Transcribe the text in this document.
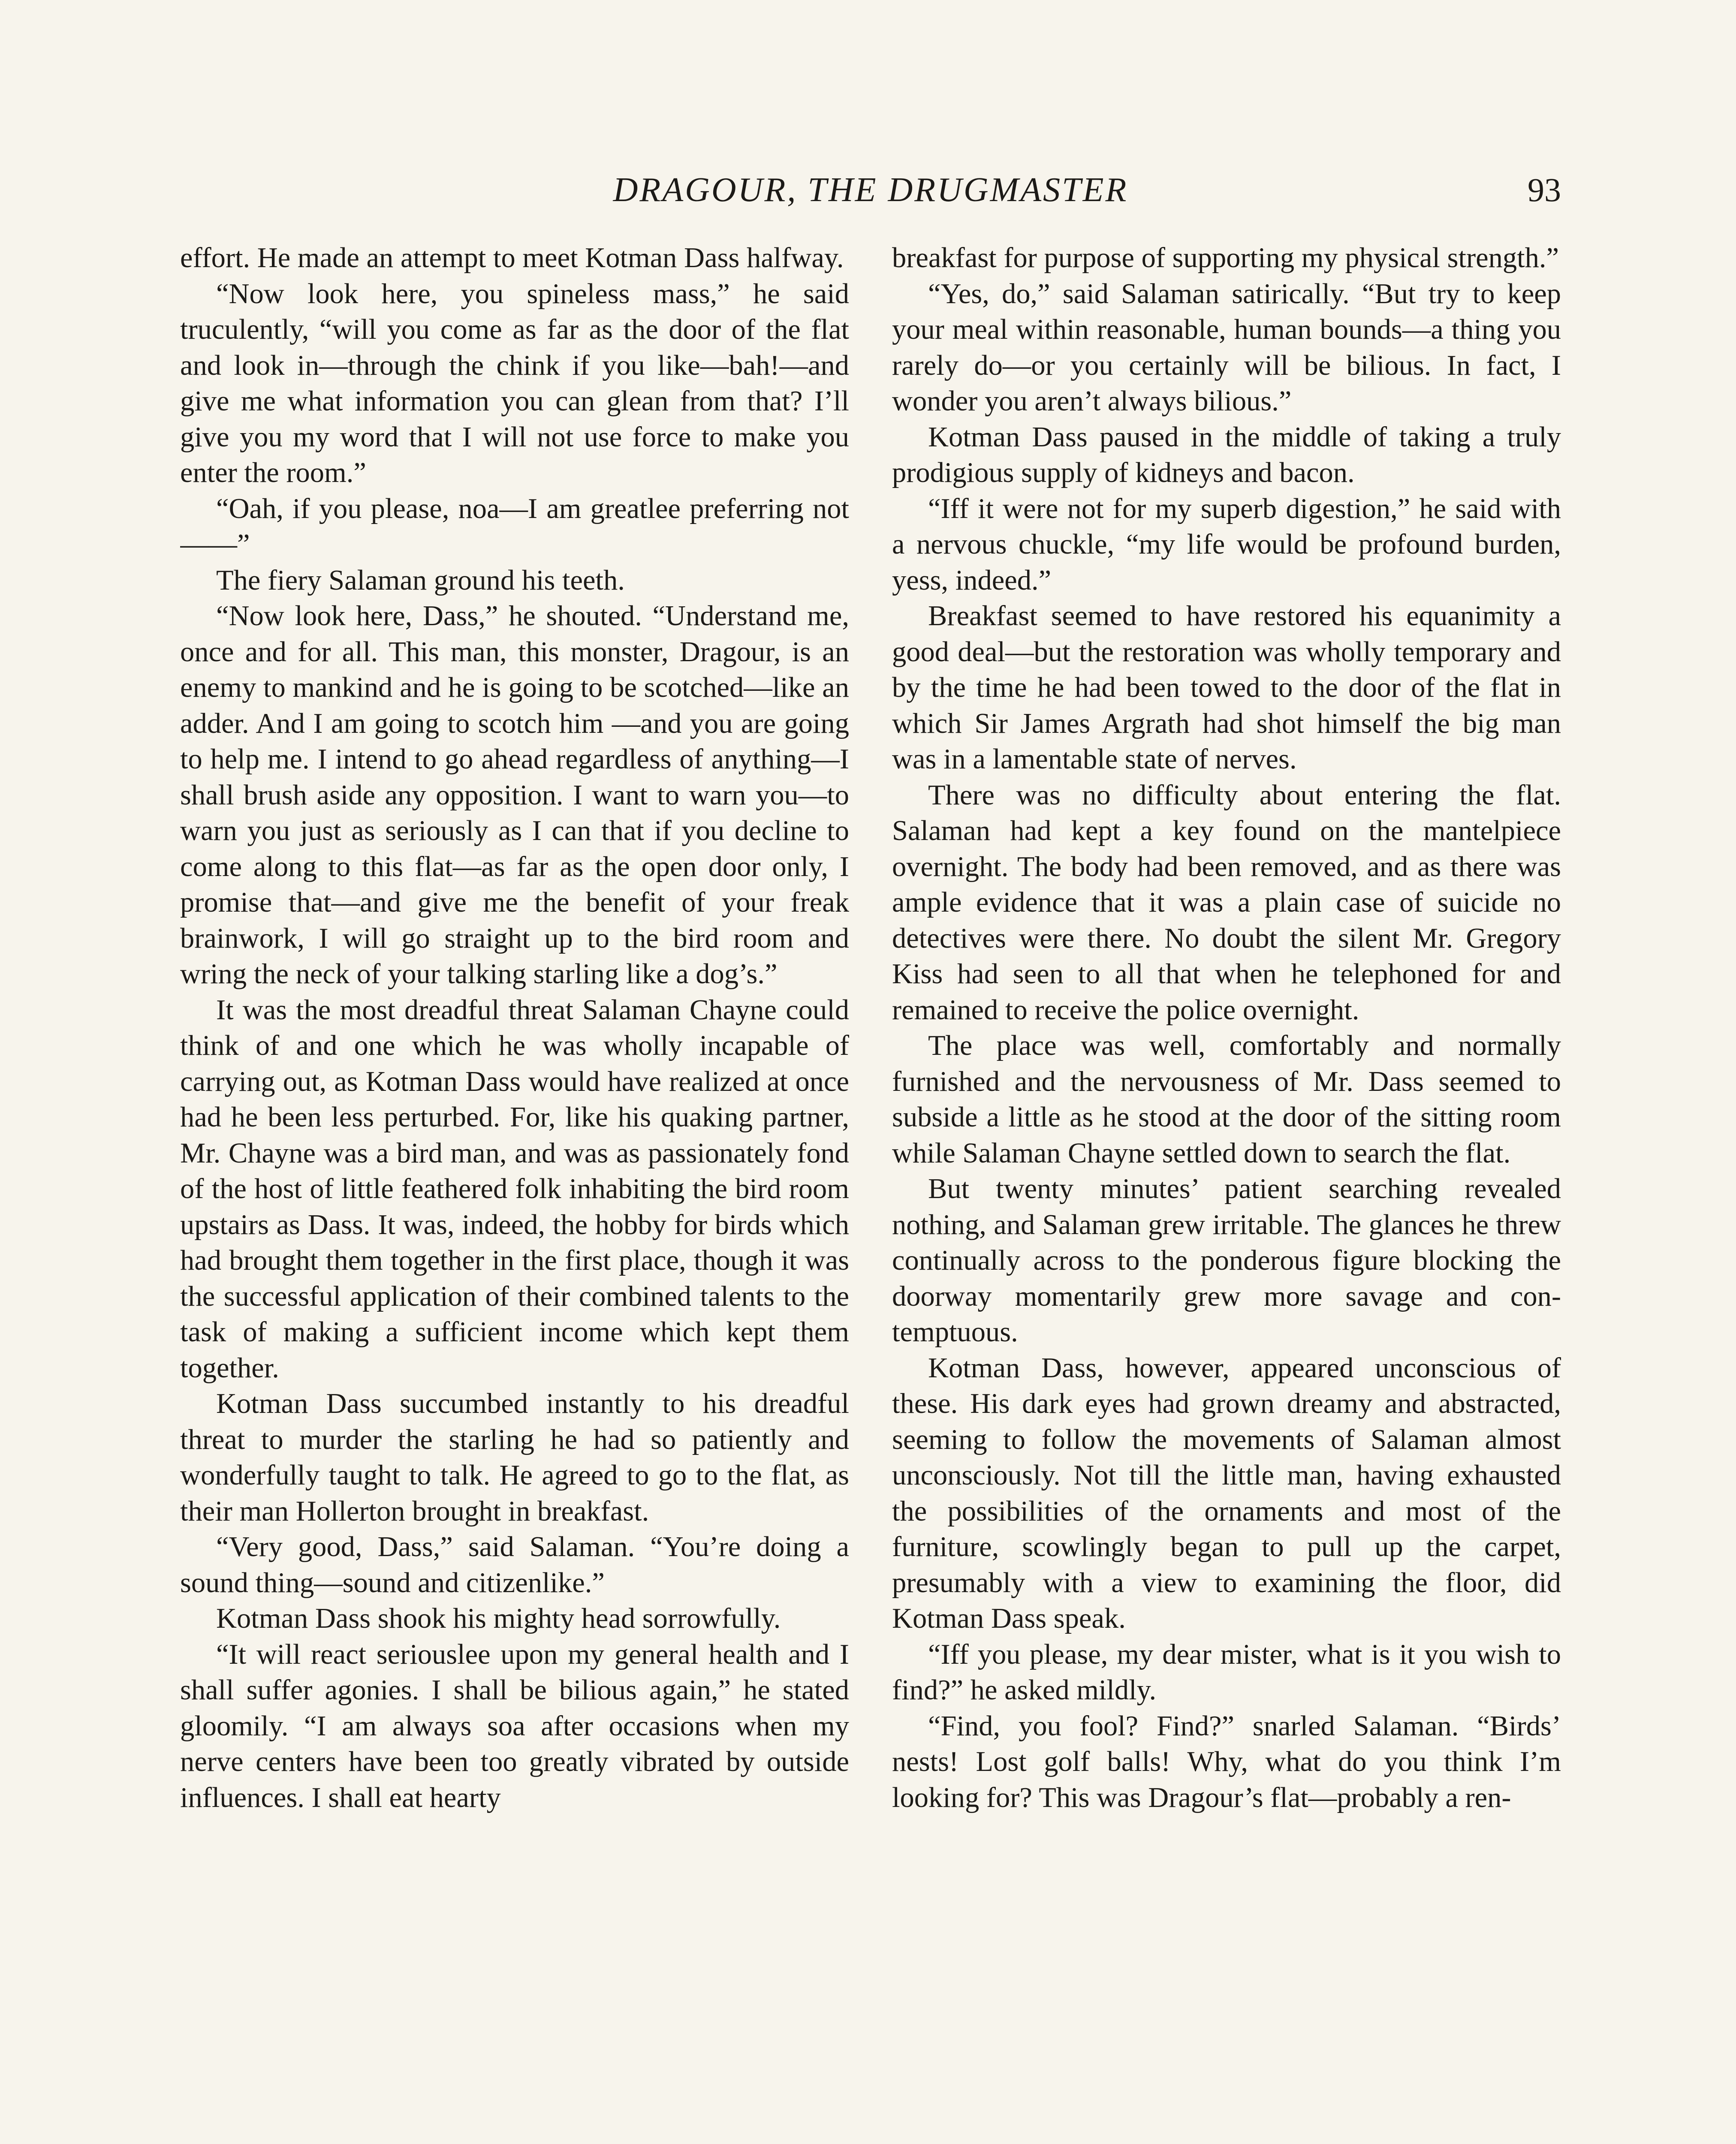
DRAGOUR, THE DRUGMASTER	93

effort. He made an attempt to meet Kotman Dass halfway.

“Now look here, you spineless mass,” he said truculently, “will you come as far as the door of the flat and look in—through the chink if you like—bah!—and give me what information you can glean from that? I’ll give you my word that I will not use force to make you enter the room.”

“Oah, if you please, noa—I am greatlee preferring not——”

The fiery Salaman ground his teeth.

“Now look here, Dass,” he shouted. “Understand me, once and for all. This man, this monster, Dragour, is an enemy to mankind and he is going to be scotched—like an adder. And I am going to scotch him —and you are going to help me. I intend to go ahead regardless of anything—I shall brush aside any opposition. I want to warn you—to warn you just as seriously as I can that if you decline to come along to this flat—as far as the open door only, I promise that—and give me the benefit of your freak brainwork, I will go straight up to the bird room and wring the neck of your talking starling like a dog’s.”

It was the most dreadful threat Salaman Chayne could think of and one which he was wholly incapable of carrying out, as Kotman Dass would have realized at once had he been less perturbed. For, like his quaking partner, Mr. Chayne was a bird man, and was as passionately fond of the host of little feathered folk inhabiting the bird room upstairs as Dass. It was, indeed, the hobby for birds which had brought them together in the first place, though it was the successful application of their combined talents to the task of making a sufficient income which kept them together.

Kotman Dass succumbed instantly to his dreadful threat to murder the starling he had so patiently and wonderfully taught to talk. He agreed to go to the flat, as their man Hollerton brought in breakfast.

“Very good, Dass,” said Salaman. “You’re doing a sound thing—sound and citizenlike.”

Kotman Dass shook his mighty head sorrowfully.

“It will react seriouslee upon my general health and I shall suffer agonies. I shall be bilious again,” he stated gloomily. “I am always soa after occasions when my nerve centers have been too greatly vibrated by outside influences. I shall eat hearty

breakfast for purpose of supporting my physical strength.”

“Yes, do,” said Salaman satirically. “But try to keep your meal within reasonable, human bounds—a thing you rarely do—or you certainly will be bilious. In fact, I wonder you aren’t always bilious.”

Kotman Dass paused in the middle of taking a truly prodigious supply of kidneys and bacon.

“Iff it were not for my superb digestion,” he said with a nervous chuckle, “my life would be profound burden, yess, indeed.”

Breakfast seemed to have restored his equanimity a good deal—but the restoration was wholly temporary and by the time he had been towed to the door of the flat in which Sir James Argrath had shot himself the big man was in a lamentable state of nerves.

There was no difficulty about entering the flat. Salaman had kept a key found on the mantelpiece overnight. The body had been removed, and as there was ample evidence that it was a plain case of suicide no detectives were there. No doubt the silent Mr. Gregory Kiss had seen to all that when he telephoned for and remained to receive the police overnight.

The place was well, comfortably and normally furnished and the nervousness of Mr. Dass seemed to subside a little as he stood at the door of the sitting room while Salaman Chayne settled down to search the flat.

But twenty minutes’ patient searching revealed nothing, and Salaman grew irritable. The glances he threw continually across to the ponderous figure blocking the doorway momentarily grew more savage and contemptuous.

Kotman Dass, however, appeared unconscious of these. His dark eyes had grown dreamy and abstracted, seeming to follow the movements of Salaman almost unconsciously. Not till the little man, having exhausted the possibilities of the ornaments and most of the furniture, scowlingly began to pull up the carpet, presumably with a view to examining the floor, did Kotman Dass speak.

“Iff you please, my dear mister, what is it you wish to find?” he asked mildly.

“Find, you fool? Find?” snarled Salaman. “Birds’ nests! Lost golf balls! Why, what do you think I’m looking for? This was Dragour’s flat—probably a ren-
